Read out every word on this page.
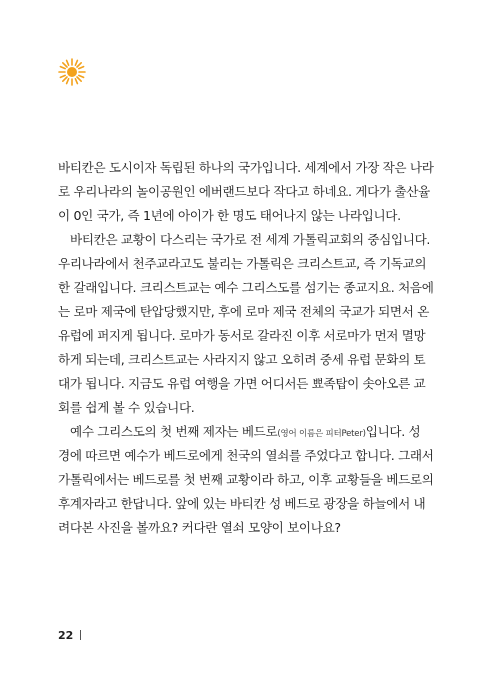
바티칸은 도시이자 독립된 하나의 국가입니다. 세계에서 가장 작은 나라
로 우리나라의 놀이공원인 에버랜드보다 작다고 하네요. 게다가 출산율
이 0인 국가, 즉 1년에 아이가 한 명도 태어나지 않는 나라입니다.
바티칸은 교황이 다스리는 국가로 전 세계 가톨릭교회의 중심입니다.
우리나라에서 천주교라고도 불리는 가톨릭은 크리스트교, 즉 기독교의
한 갈래입니다. 크리스트교는 예수 그리스도를 섬기는 종교지요. 처음에
는 로마 제국에 탄압당했지만, 후에 로마 제국 전체의 국교가 되면서 온
유럽에 퍼지게 됩니다. 로마가 동서로 갈라진 이후 서로마가 먼저 멸망
하게 되는데, 크리스트교는 사라지지 않고 오히려 중세 유럽 문화의 토
대가 됩니다. 지금도 유럽 여행을 가면 어디서든 뾰족탑이 솟아오른 교
회를 쉽게 볼 수 있습니다.
예수 그리스도의 첫 번째 제자는 베드로(영어 이름은 피터Peter)입니다. 성
경에 따르면 예수가 베드로에게 천국의 열쇠를 주었다고 합니다. 그래서
가톨릭에서는 베드로를 첫 번째 교황이라 하고, 이후 교황들을 베드로의
후계자라고 한답니다. 앞에 있는 바티칸 성 베드로 광장을 하늘에서 내
려다본 사진을 볼까요? 커다란 열쇠 모양이 보이나요?
22
